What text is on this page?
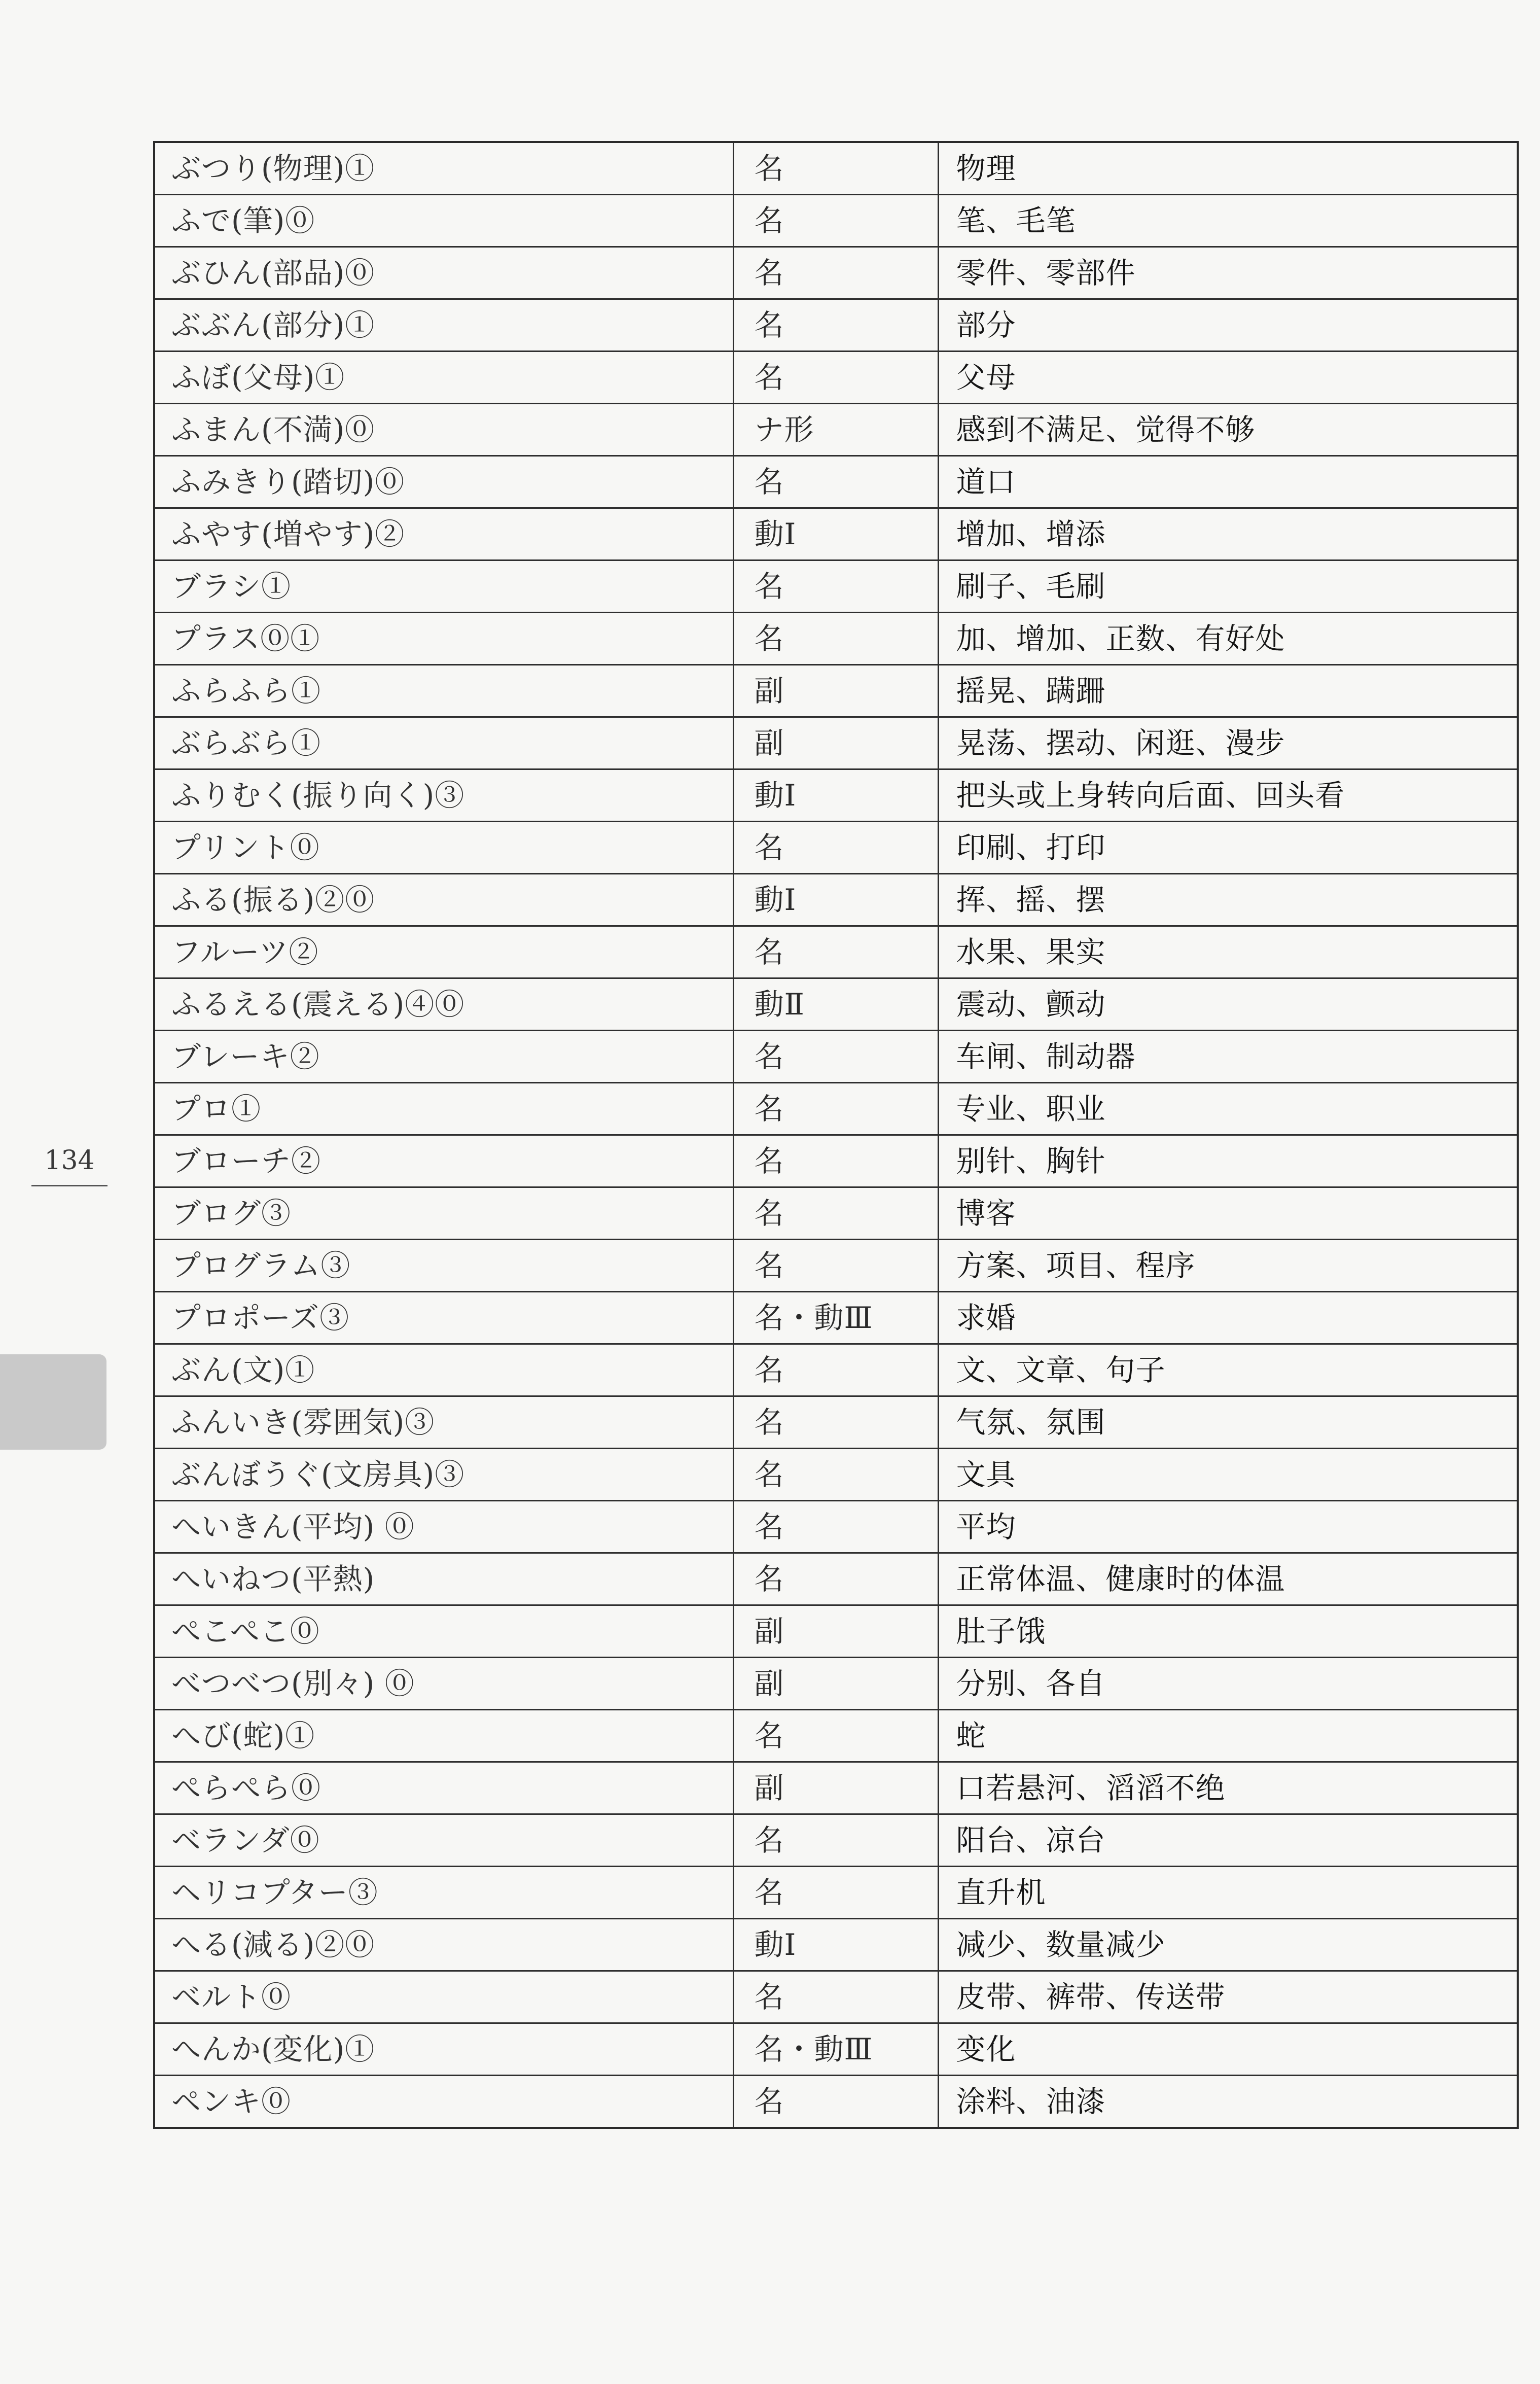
ぶつり(物理)①	名	物理
ふで(筆)⓪	名	笔、毛笔
ぶひん(部品)⓪	名	零件、零部件
ぶぶん(部分)①	名	部分
ふぼ(父母)①	名	父母
ふまん(不満)⓪	ナ形	感到不满足、觉得不够
ふみきり(踏切)⓪	名	道口
ふやす(増やす)②	動Ⅰ	增加、增添
ブラシ①	名	刷子、毛刷
プラス⓪①	名	加、增加、正数、有好处
ふらふら①	副	摇晃、蹒跚
ぶらぶら①	副	晃荡、摆动、闲逛、漫步
ふりむく(振り向く)③	動Ⅰ	把头或上身转向后面、回头看
プリント⓪	名	印刷、打印
ふる(振る)②⓪	動Ⅰ	挥、摇、摆
フルーツ②	名	水果、果实
ふるえる(震える)④⓪	動Ⅱ	震动、颤动
ブレーキ②	名	车闸、制动器
プロ①	名	专业、职业
ブローチ②	名	别针、胸针
ブログ③	名	博客
プログラム③	名	方案、项目、程序
プロポーズ③	名・動Ⅲ	求婚
ぶん(文)①	名	文、文章、句子
ふんいき(雰囲気)③	名	气氛、氛围
ぶんぼうぐ(文房具)③	名	文具
へいきん(平均) ⓪	名	平均
へいねつ(平熱)	名	正常体温、健康时的体温
ぺこぺこ⓪	副	肚子饿
べつべつ(別々) ⓪	副	分别、各自
へび(蛇)①	名	蛇
ぺらぺら⓪	副	口若悬河、滔滔不绝
ベランダ⓪	名	阳台、凉台
ヘリコプター③	名	直升机
へる(減る)②⓪	動Ⅰ	减少、数量减少
ベルト⓪	名	皮带、裤带、传送带
へんか(変化)①	名・動Ⅲ	变化
ペンキ⓪	名	涂料、油漆
134
